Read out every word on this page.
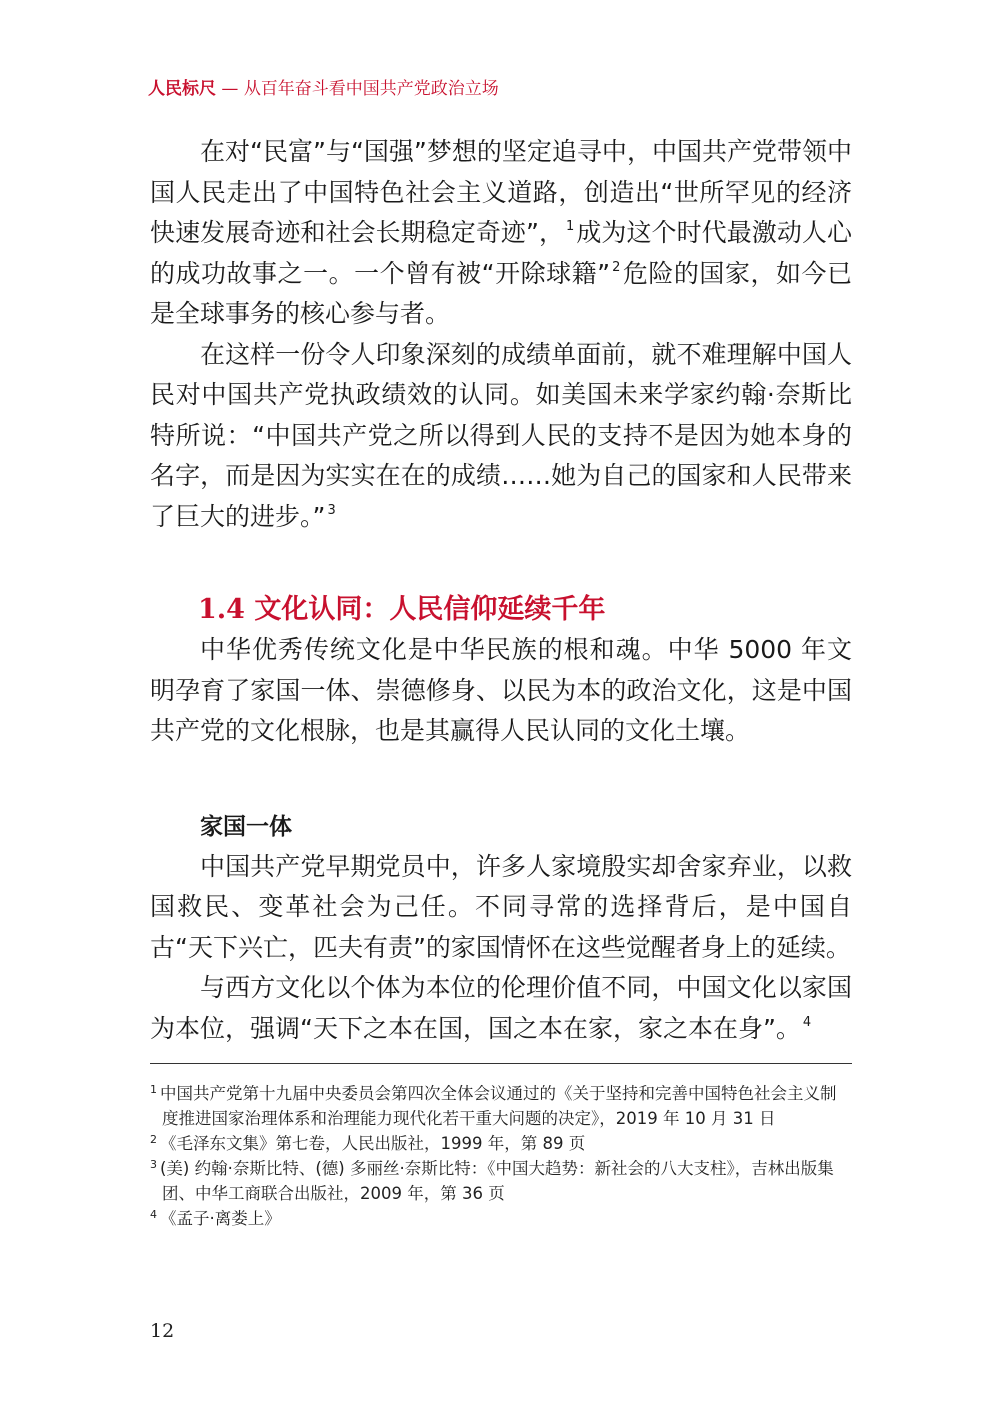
人民标尺 — 从百年奋斗看中国共产党政治立场

在对“民富”与“国强”梦想的坚定追寻中，中国共产党带领中国人民走出了中国特色社会主义道路，创造出“世所罕见的经济快速发展奇迹和社会长期稳定奇迹”， $^1$成为这个时代最激动人心的成功故事之一。一个曾有被“开除球籍” $^2$危险的国家，如今已是全球事务的核心参与者。

在这样一份令人印象深刻的成绩单面前，就不难理解中国人民对中国共产党执政绩效的认同。如美国未来学家约翰·奈斯比特所说：“中国共产党之所以得到人民的支持不是因为她本身的名字，而是因为实实在在的成绩……她为自己的国家和人民带来了巨大的进步。” $^3$

1.4 文化认同：人民信仰延续千年

中华优秀传统文化是中华民族的根和魂。中华 5000 年文明孕育了家国一体、崇德修身、以民为本的政治文化，这是中国共产党的文化根脉，也是其赢得人民认同的文化土壤。

家国一体

中国共产党早期党员中，许多人家境殷实却舍家弃业，以救国救民、变革社会为己任。不同寻常的选择背后，是中国自古“天下兴亡，匹夫有责”的家国情怀在这些觉醒者身上的延续。

与西方文化以个体为本位的伦理价值不同，中国文化以家国为本位，强调“天下之本在国，国之本在家，家之本在身”。 $^4$

$^1$ 中国共产党第十九届中央委员会第四次全体会议通过的《关于坚持和完善中国特色社会主义制度推进国家治理体系和治理能力现代化若干重大问题的决定》，2019 年 10 月 31 日

$^2$ 《毛泽东文集》第七卷，人民出版社，1999 年，第 89 页

$^3$ (美) 约翰·奈斯比特、(德) 多丽丝·奈斯比特：《中国大趋势：新社会的八大支柱》，吉林出版集团、中华工商联合出版社，2009 年，第 36 页

$^4$ 《孟子·离娄上》

12
